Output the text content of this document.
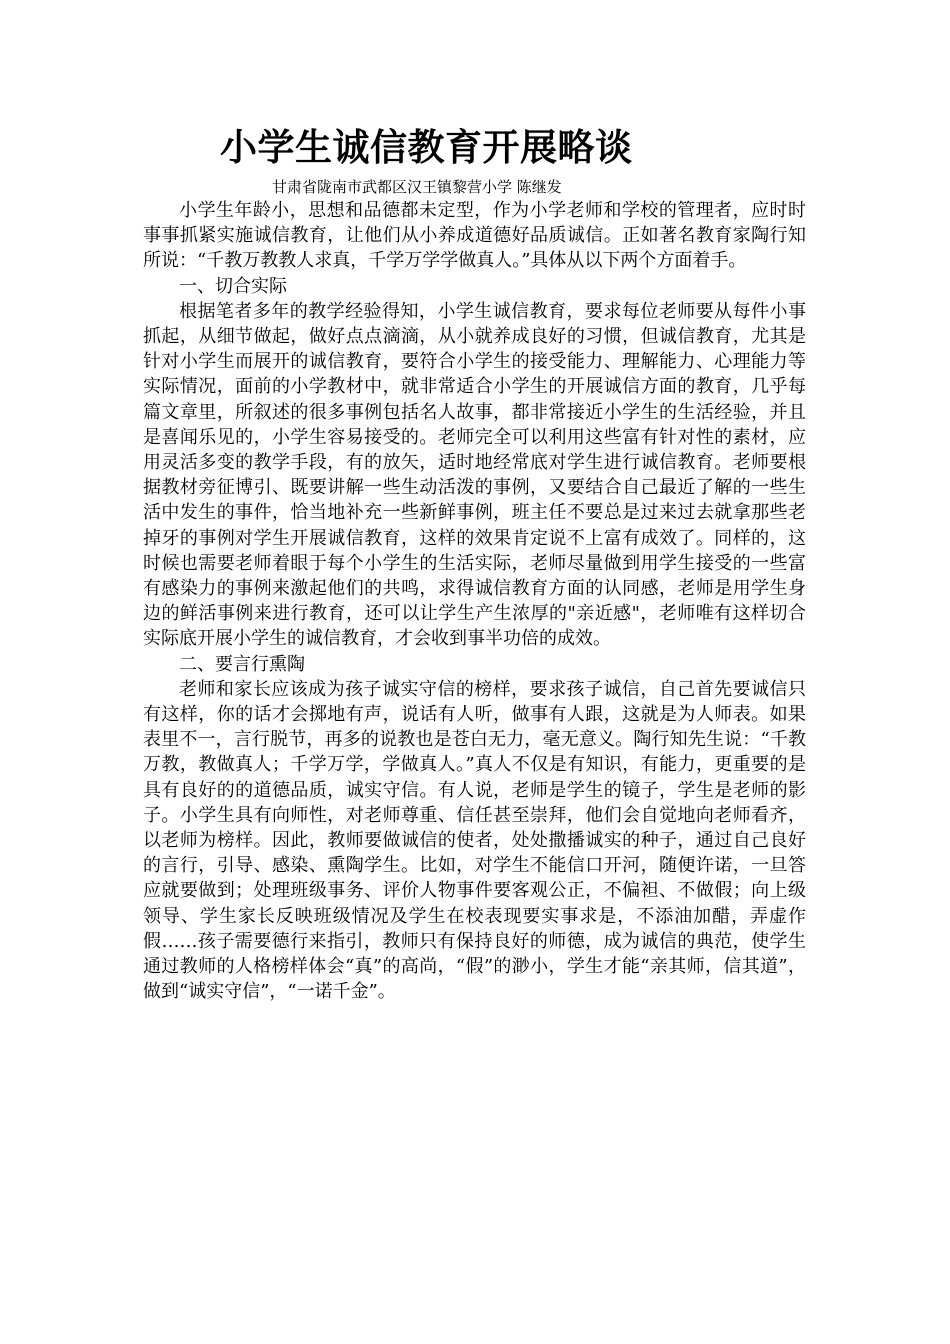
小学生诚信教育开展略谈
甘肃省陇南市武都区汉王镇黎营小学 陈继发

小学生年龄小，思想和品德都未定型，作为小学老师和学校的管理者，应时时事事抓紧实施诚信教育，让他们从小养成道德好品质诚信。正如著名教育家陶行知所说：“千教万教教人求真，千学万学学做真人。”具体从以下两个方面着手。

一、切合实际

根据笔者多年的教学经验得知，小学生诚信教育，要求每位老师要从每件小事抓起，从细节做起，做好点点滴滴，从小就养成良好的习惯，但诚信教育，尤其是针对小学生而展开的诚信教育，要符合小学生的接受能力、理解能力、心理能力等实际情况，面前的小学教材中，就非常适合小学生的开展诚信方面的教育，几乎每篇文章里，所叙述的很多事例包括名人故事，都非常接近小学生的生活经验，并且是喜闻乐见的，小学生容易接受的。老师完全可以利用这些富有针对性的素材，应用灵活多变的教学手段，有的放矢，适时地经常底对学生进行诚信教育。老师要根据教材旁征博引、既要讲解一些生动活泼的事例，又要结合自己最近了解的一些生活中发生的事件，恰当地补充一些新鲜事例，班主任不要总是过来过去就拿那些老掉牙的事例对学生开展诚信教育，这样的效果肯定说不上富有成效了。同样的，这时候也需要老师着眼于每个小学生的生活实际，老师尽量做到用学生接受的一些富有感染力的事例来激起他们的共鸣，求得诚信教育方面的认同感，老师是用学生身边的鲜活事例来进行教育，还可以让学生产生浓厚的"亲近感"，老师唯有这样切合实际底开展小学生的诚信教育，才会收到事半功倍的成效。

二、要言行熏陶

老师和家长应该成为孩子诚实守信的榜样，要求孩子诚信，自己首先要诚信只有这样，你的话才会掷地有声，说话有人听，做事有人跟，这就是为人师表。如果表里不一，言行脱节，再多的说教也是苍白无力，毫无意义。陶行知先生说：“千教万教，教做真人；千学万学，学做真人。”真人不仅是有知识，有能力，更重要的是具有良好的的道德品质，诚实守信。有人说，老师是学生的镜子，学生是老师的影子。小学生具有向师性，对老师尊重、信任甚至崇拜，他们会自觉地向老师看齐，以老师为榜样。因此，教师要做诚信的使者，处处撒播诚实的种子，通过自己良好的言行，引导、感染、熏陶学生。比如，对学生不能信口开河，随便许诺，一旦答应就要做到；处理班级事务、评价人物事件要客观公正，不偏袒、不做假；向上级领导、学生家长反映班级情况及学生在校表现要实事求是，不添油加醋，弄虚作假……孩子需要德行来指引，教师只有保持良好的师德，成为诚信的典范，使学生通过教师的人格榜样体会“真”的高尚，“假”的渺小，学生才能“亲其师，信其道”，做到“诚实守信”，“一诺千金”。
